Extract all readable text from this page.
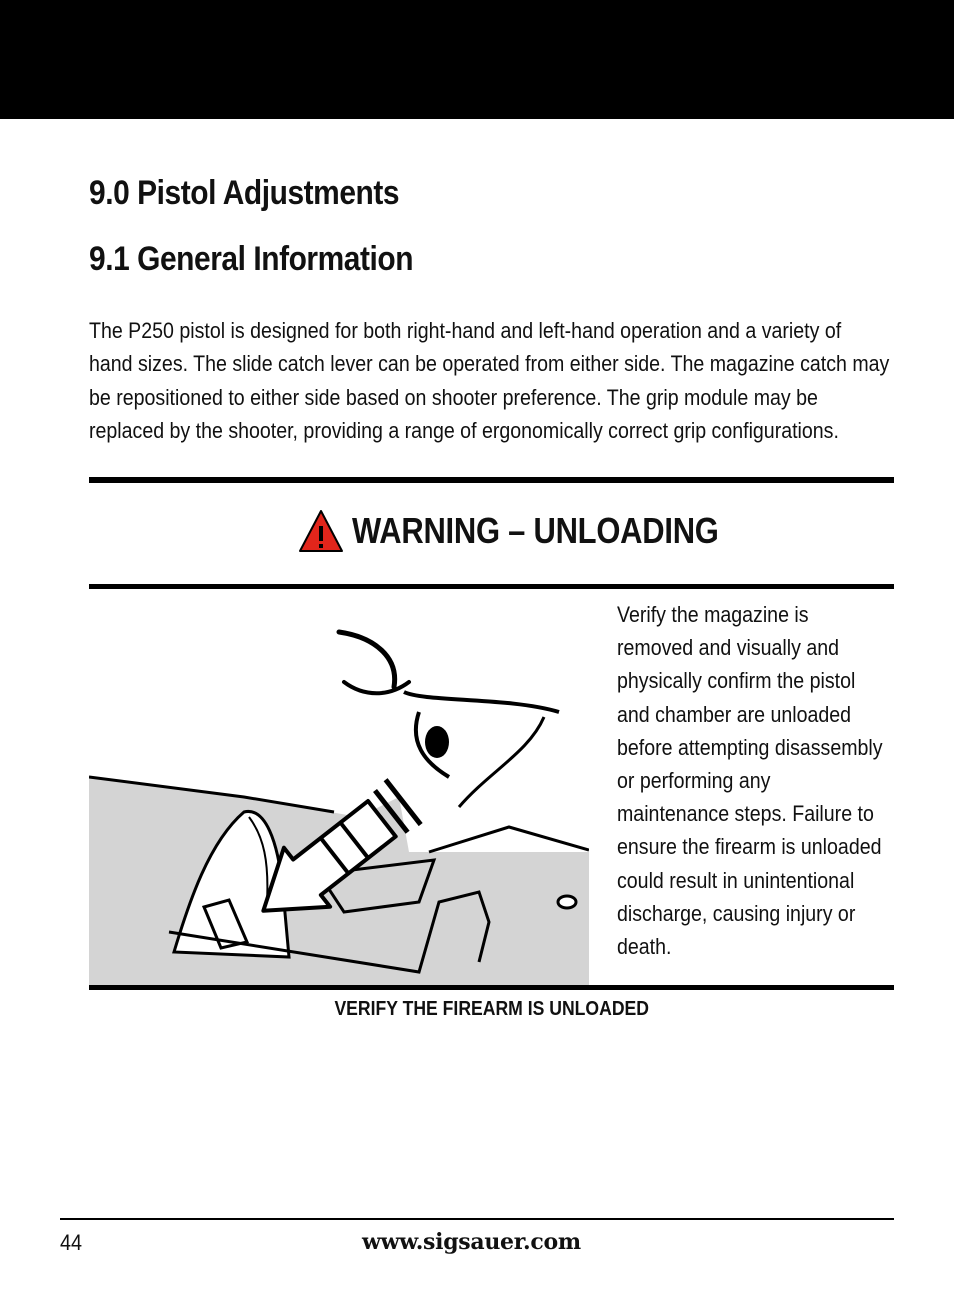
9.0 Pistol Adjustments
9.1 General Information

The P250 pistol is designed for both right-hand and left-hand operation and a variety of hand sizes. The slide catch lever can be operated from either side. The magazine catch may be repositioned to either side based on shooter preference. The grip module may be replaced by the shooter, providing a range of ergonomically correct grip configurations.

WARNING – UNLOADING

Verify the magazine is removed and visually and physically confirm the pistol and chamber are unloaded before attempting disassembly or performing any maintenance steps. Failure to ensure the firearm is unloaded could result in unintentional discharge, causing injury or death.

VERIFY THE FIREARM IS UNLOADED

44	www.sigsauer.com
